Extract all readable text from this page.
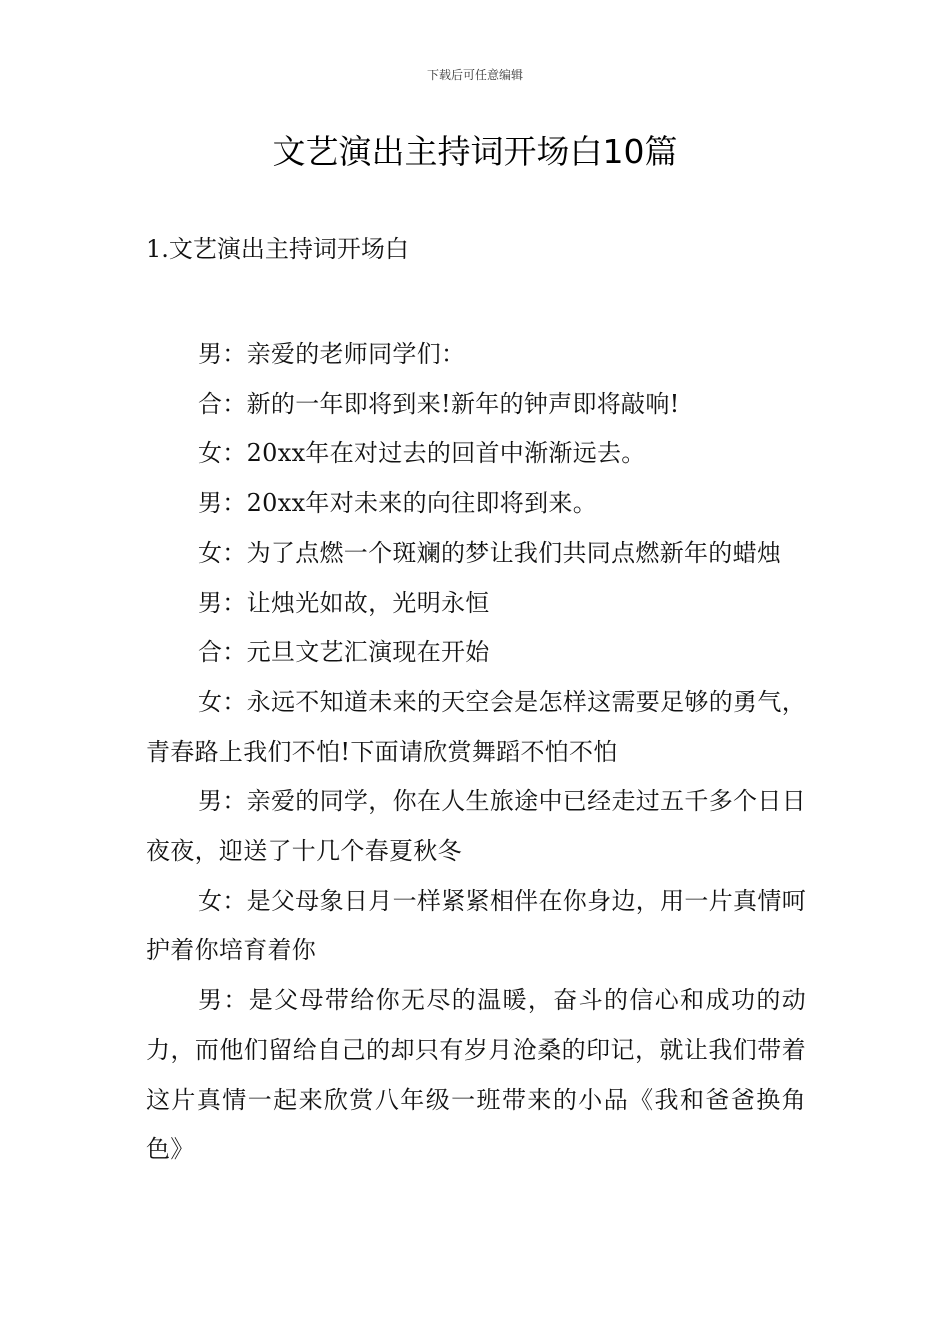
下载后可任意编辑
文艺演出主持词开场白10篇
1.文艺演出主持词开场白

男：亲爱的老师同学们：

合：新的一年即将到来!新年的钟声即将敲响!

女：20xx年在对过去的回首中渐渐远去。

男：20xx年对未来的向往即将到来。

女：为了点燃一个斑斓的梦让我们共同点燃新年的蜡烛

男：让烛光如故，光明永恒

合：元旦文艺汇演现在开始

女：永远不知道未来的天空会是怎样这需要足够的勇气，青春路上我们不怕!下面请欣赏舞蹈不怕不怕

男：亲爱的同学，你在人生旅途中已经走过五千多个日日夜夜，迎送了十几个春夏秋冬

女：是父母象日月一样紧紧相伴在你身边，用一片真情呵护着你培育着你

男：是父母带给你无尽的温暖，奋斗的信心和成功的动力，而他们留给自己的却只有岁月沧桑的印记，就让我们带着这片真情一起来欣赏八年级一班带来的小品《我和爸爸换角色》
